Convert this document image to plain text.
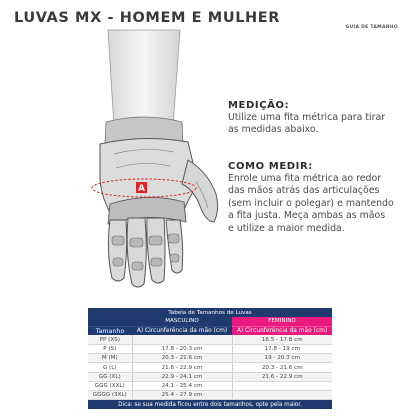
LUVAS MX - HOMEM E MULHER
GUIA DE TAMANHO
A
MEDIÇÃO:
Utilize uma fita métrica para tirar
as medidas abaixo.
COMO MEDIR:
Enrole uma fita métrica ao redor
das mãos atrás das articulações
(sem incluir o polegar) e mantendo
a fita justa. Meça ambas as mãos
e utilize a maior medida.
Tabela de Tamanhos de Luvas		
	MASCULINO	FEMININO
Tamanho	A) Circunferência da mão (cm)	A) Circunferência da mão (cm)
PP (XS)		16.5 - 17.8 cm
P (S)	17.8 - 20.3 cm	17.8 - 19 cm
M (M)	20.3 - 21.6 cm	19 - 20.3 cm
G (L)	21.6 - 22.9 cm	20.3 - 21.6 cm
GG (XL)	22.9 - 24.1 cm	21.6 - 22.9 cm
GGG (XXL)	24.1 - 25.4 cm	
GGGG (3XL)	25.4 - 27.9 cm	
Dica: se sua medida ficou entre dois tamanhos, opte pela maior.		
